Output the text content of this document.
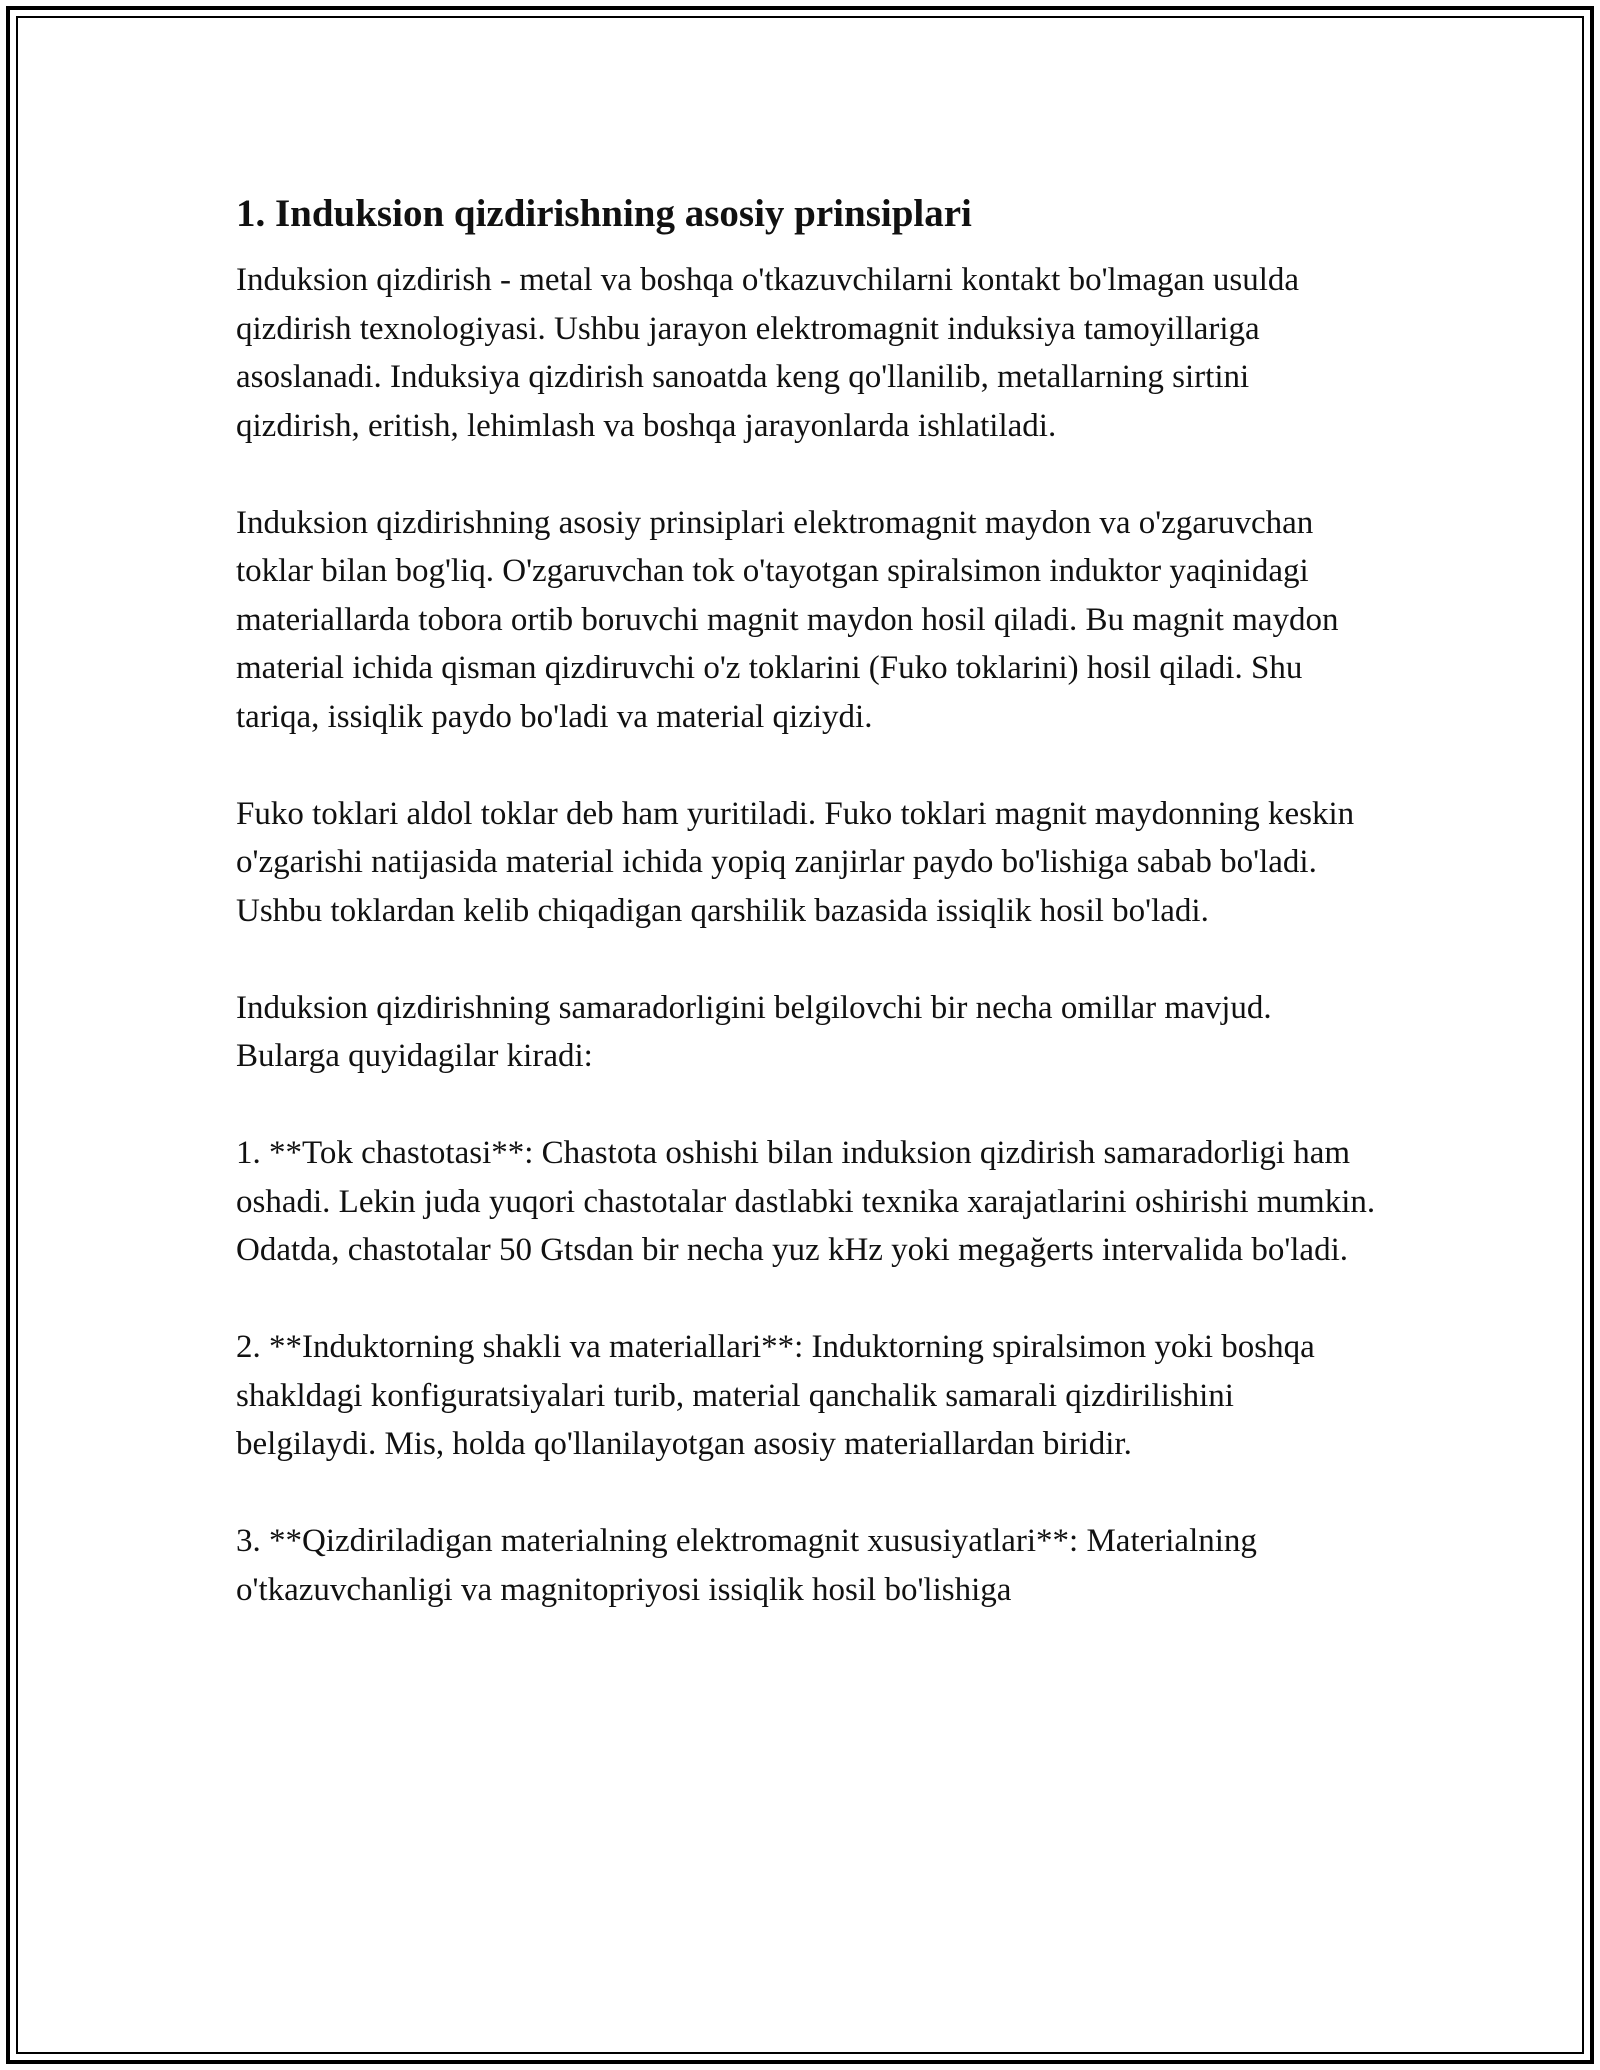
1. Induksion qizdirishning asosiy prinsiplari
Induksion qizdirish - metal va boshqa o'tkazuvchilarni kontakt bo'lmagan usulda qizdirish texnologiyasi. Ushbu jarayon elektromagnit induksiya tamoyillariga asoslanadi. Induksiya qizdirish sanoatda keng qo'llanilib, metallarning sirtini qizdirish, eritish, lehimlash va boshqa jarayonlarda ishlatiladi.
Induksion qizdirishning asosiy prinsiplari elektromagnit maydon va o'zgaruvchan toklar bilan bog'liq. O'zgaruvchan tok o'tayotgan spiralsimon induktor yaqinidagi materiallarda tobora ortib boruvchi magnit maydon hosil qiladi. Bu magnit maydon material ichida qisman qizdiruvchi o'z toklarini (Fuko toklarini) hosil qiladi. Shu tariqa, issiqlik paydo bo'ladi va material qiziydi.
Fuko toklari aldol toklar deb ham yuritiladi. Fuko toklari magnit maydonning keskin o'zgarishi natijasida material ichida yopiq zanjirlar paydo bo'lishiga sabab bo'ladi. Ushbu toklardan kelib chiqadigan qarshilik bazasida issiqlik hosil bo'ladi.
Induksion qizdirishning samaradorligini belgilovchi bir necha omillar mavjud. Bularga quyidagilar kiradi:
1. **Tok chastotasi**: Chastota oshishi bilan induksion qizdirish samaradorligi ham oshadi. Lekin juda yuqori chastotalar dastlabki texnika xarajatlarini oshirishi mumkin. Odatda, chastotalar 50 Gtsdan bir necha yuz kHz yoki megağerts intervalida bo'ladi.
2. **Induktorning shakli va materiallari**: Induktorning spiralsimon yoki boshqa shakldagi konfiguratsiyalari turib, material qanchalik samarali qizdirilishini belgilaydi. Mis, holda qo'llanilayotgan asosiy materiallardan biridir.
3. **Qizdiriladigan materialning elektromagnit xususiyatlari**: Materialning o'tkazuvchanligi va magnitopriyosi issiqlik hosil bo'lishiga
